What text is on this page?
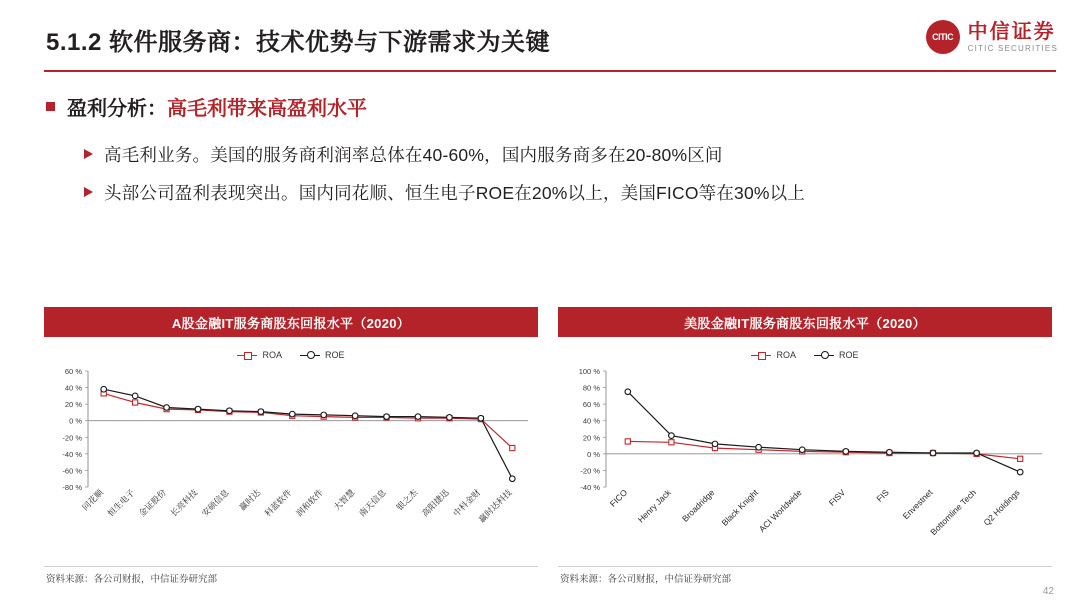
5.1.2 软件服务商：技术优势与下游需求为关键	CITIC 中信证券
CITIC SECURITIES
盈利分析：高毛利带来高盈利水平
高毛利业务。美国的服务商利润率总体在40-60%，国内服务商多在20-80%区间
头部公司盈利表现突出。国内同花顺、恒生电子ROE在20%以上，美国FICO等在30%以上
A股金融IT服务商股东回报水平（2020）
ROA	ROE
60 %
40 %
20 %
0 %
-20 %
-40 %
-60 %
-80 %
同花顺 恒生电子 金证股份 长亮科技 安硕信息 赢时达 科蓝软件 润和软件 大智慧 南天信息 银之杰 高阳捷迅 中科金财
赢时达科技
美股金融IT服务商股东回报水平（2020）
ROA	ROE
100 %
80 %
60 %
40 %
20 %
0 %
-20 %
-40 % FICO Henry Jack Broadridge Black Knight
ACI Worldwide	FISV	FIS Envestnet
Bottomline Tech Q2 Holdings
资料来源：各公司财报，中信证券研究部	资料来源：各公司财报，中信证券研究部
42
